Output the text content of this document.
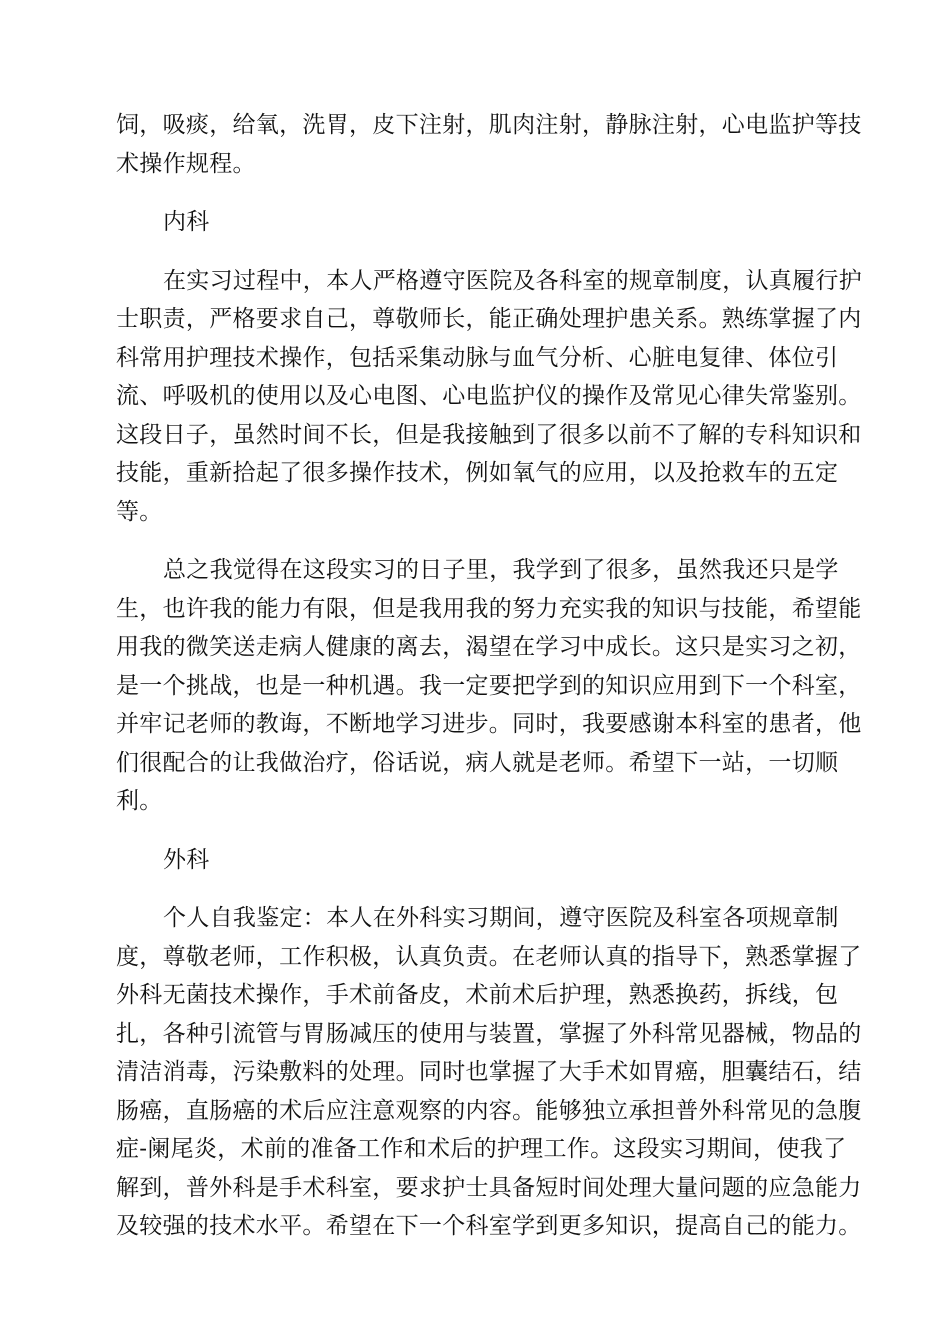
饲，吸痰，给氧，洗胃，皮下注射，肌肉注射，静脉注射，心电监护等技
术操作规程。
内科
在实习过程中，本人严格遵守医院及各科室的规章制度，认真履行护
士职责，严格要求自己，尊敬师长，能正确处理护患关系。熟练掌握了内
科常用护理技术操作，包括采集动脉与血气分析、心脏电复律、体位引
流、呼吸机的使用以及心电图、心电监护仪的操作及常见心律失常鉴别。
这段日子，虽然时间不长，但是我接触到了很多以前不了解的专科知识和
技能，重新拾起了很多操作技术，例如氧气的应用，以及抢救车的五定
等。
总之我觉得在这段实习的日子里，我学到了很多，虽然我还只是学
生，也许我的能力有限，但是我用我的努力充实我的知识与技能，希望能
用我的微笑送走病人健康的离去，渴望在学习中成长。这只是实习之初，
是一个挑战，也是一种机遇。我一定要把学到的知识应用到下一个科室，
并牢记老师的教诲，不断地学习进步。同时，我要感谢本科室的患者，他
们很配合的让我做治疗，俗话说，病人就是老师。希望下一站，一切顺
利。
外科
个人自我鉴定：本人在外科实习期间，遵守医院及科室各项规章制
度，尊敬老师，工作积极，认真负责。在老师认真的指导下，熟悉掌握了
外科无菌技术操作，手术前备皮，术前术后护理，熟悉换药，拆线，包
扎，各种引流管与胃肠减压的使用与装置，掌握了外科常见器械，物品的
清洁消毒，污染敷料的处理。同时也掌握了大手术如胃癌，胆囊结石，结
肠癌，直肠癌的术后应注意观察的内容。能够独立承担普外科常见的急腹
症-阑尾炎，术前的准备工作和术后的护理工作。这段实习期间，使我了
解到，普外科是手术科室，要求护士具备短时间处理大量问题的应急能力
及较强的技术水平。希望在下一个科室学到更多知识，提高自己的能力。
